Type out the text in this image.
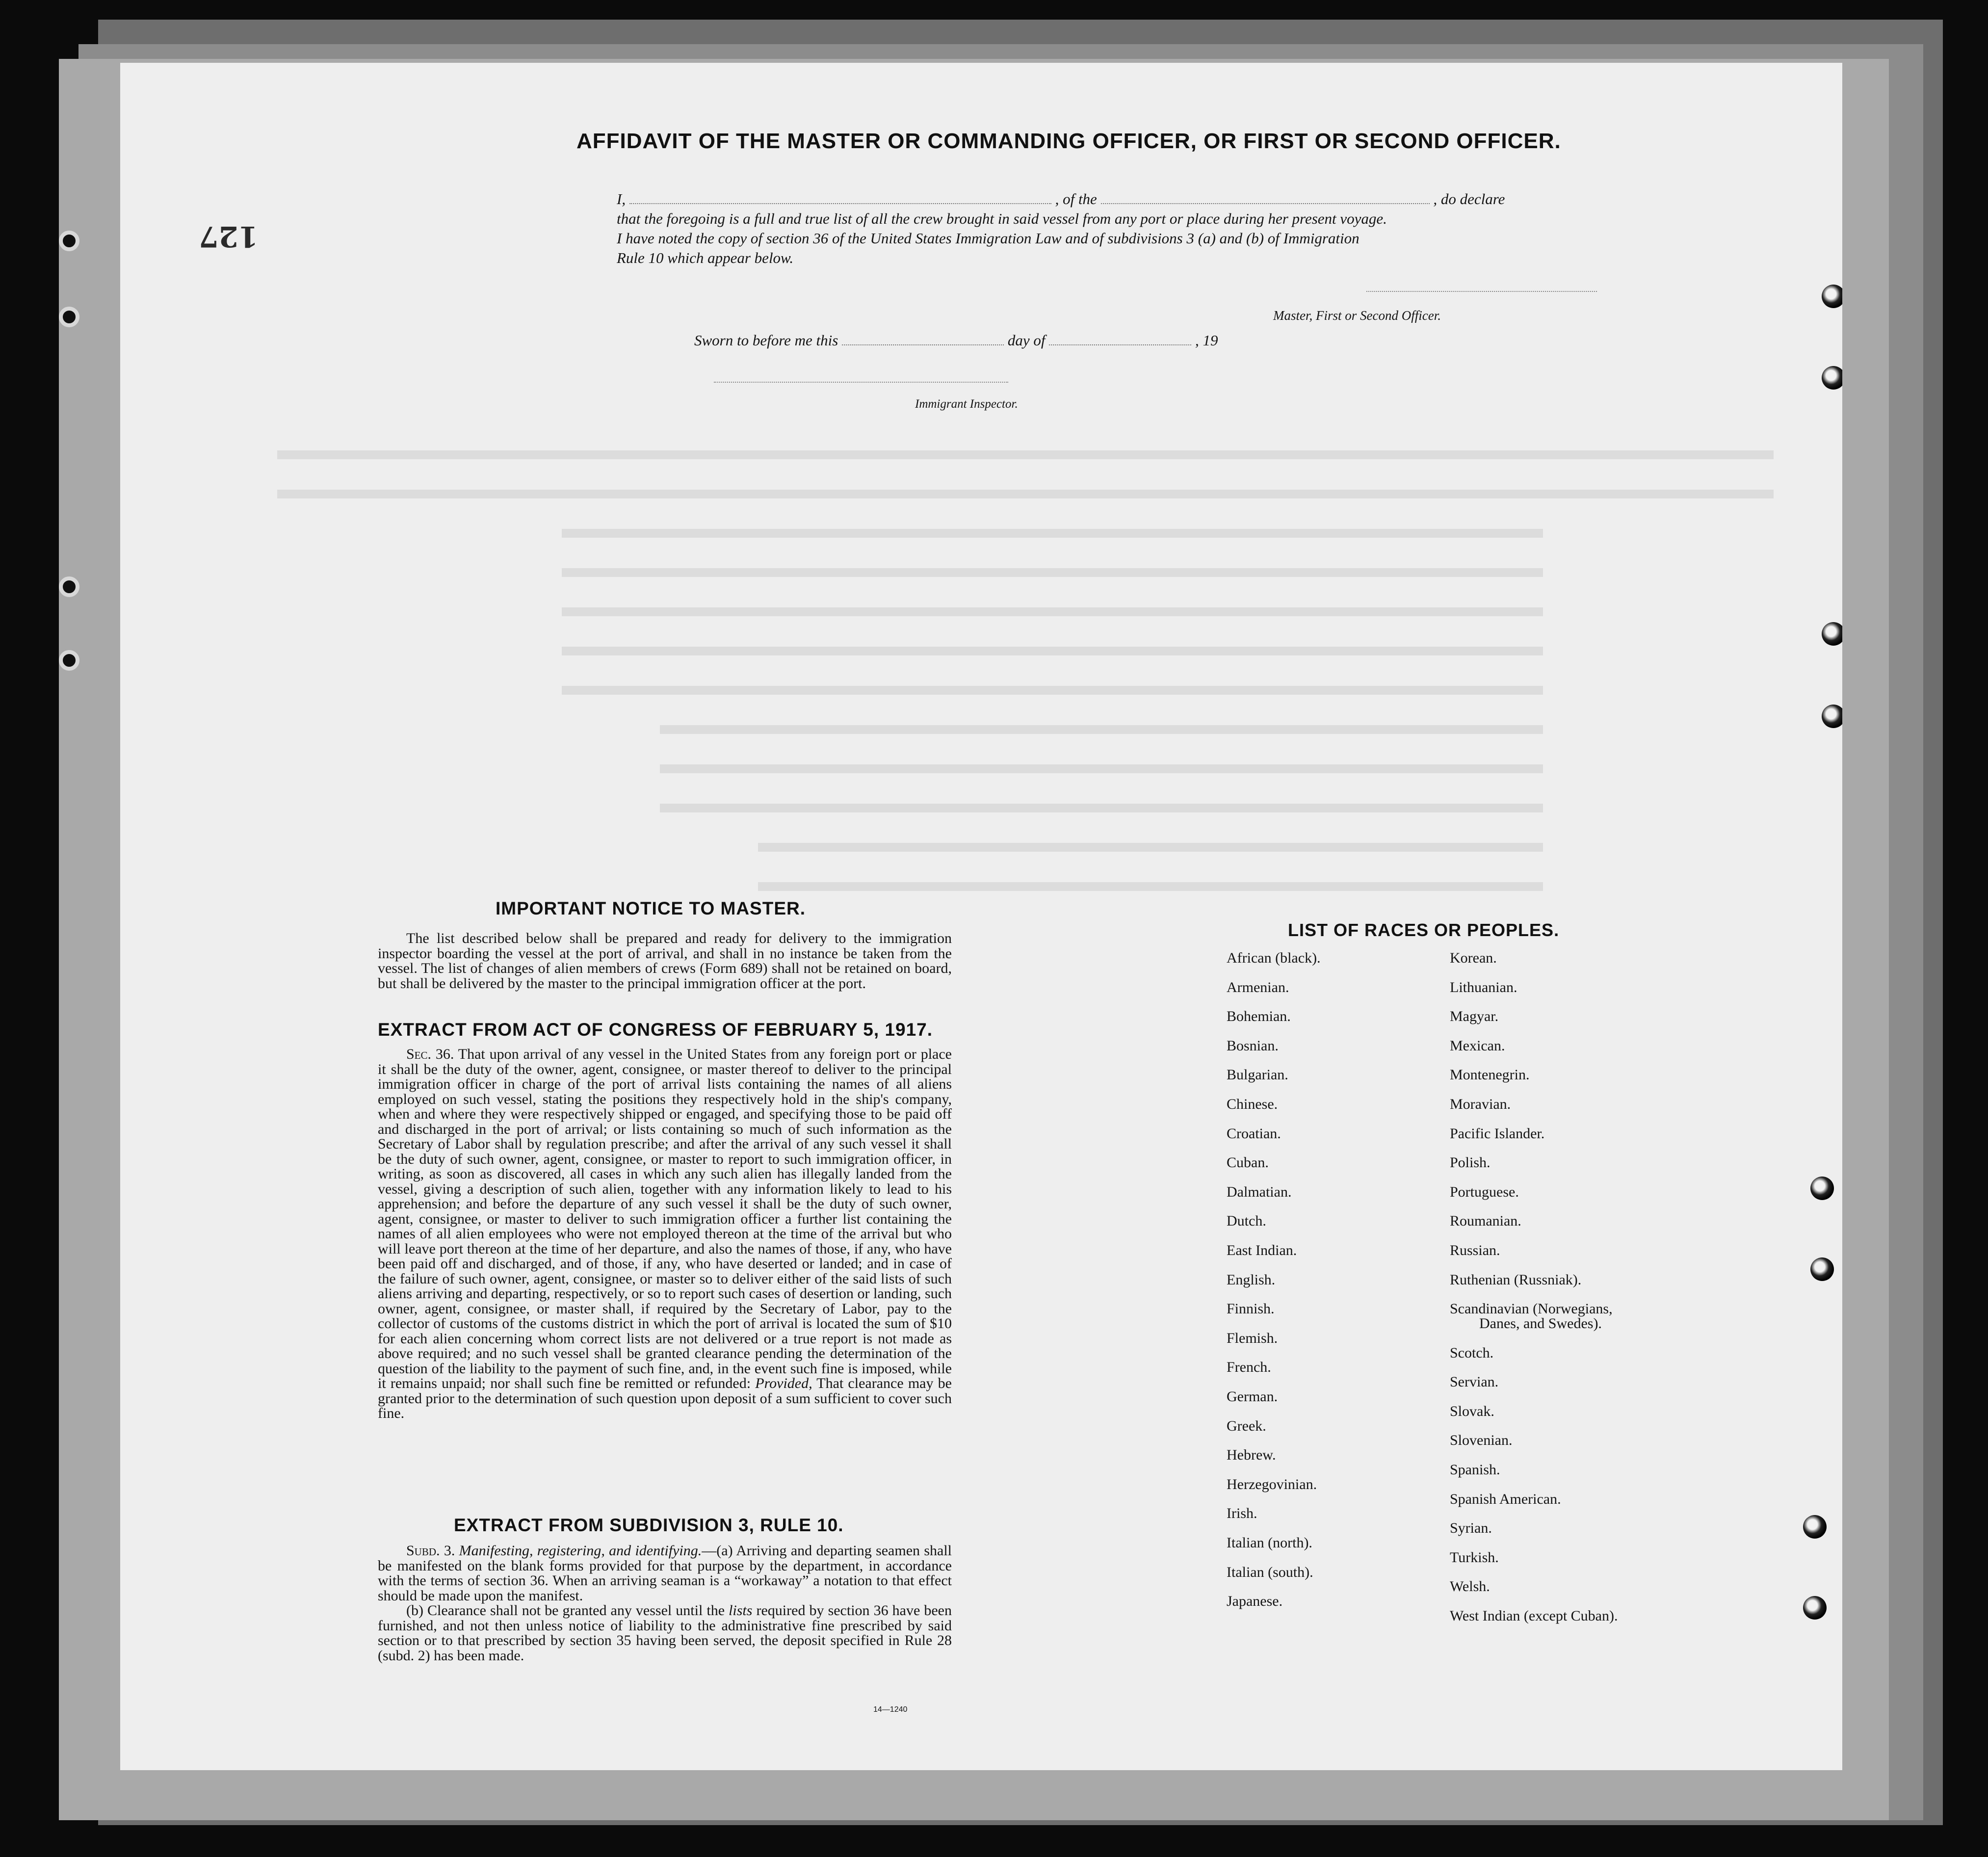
127
AFFIDAVIT OF THE MASTER OR COMMANDING OFFICER, OR FIRST OR SECOND OFFICER.
I,	, of the	, do declare
that the foregoing is a full and true list of all the crew brought in said vessel from any port or place during her present voyage.
I have noted the copy of section 36 of the United States Immigration Law and of subdivisions 3 (a) and (b) of Immigration
Rule 10 which appear below.
Master, First or Second Officer.
Sworn to before me this	day of	, 19
Immigrant Inspector.
IMPORTANT NOTICE TO MASTER.

The list described below shall be prepared and ready for delivery to the immigration inspector boarding the vessel at the port of arrival, and shall in no instance be taken from the vessel. The list of changes of alien members of crews (Form 689) shall not be retained on board, but shall be delivered by the master to the principal immigration officer at the port.

EXTRACT FROM ACT OF CONGRESS OF FEBRUARY 5, 1917.

Sec. 36. That upon arrival of any vessel in the United States from any foreign port or place it shall be the duty of the owner, agent, consignee, or master thereof to deliver to the principal immigration officer in charge of the port of arrival lists containing the names of all aliens employed on such vessel, stating the positions they respectively hold in the ship's company, when and where they were respectively shipped or engaged, and specifying those to be paid off and discharged in the port of arrival; or lists containing so much of such information as the Secretary of Labor shall by regulation prescribe; and after the arrival of any such vessel it shall be the duty of such owner, agent, consignee, or master to report to such immigration officer, in writing, as soon as discovered, all cases in which any such alien has illegally landed from the vessel, giving a description of such alien, together with any information likely to lead to his apprehension; and before the departure of any such vessel it shall be the duty of such owner, agent, consignee, or master to deliver to such immigration officer a further list containing the names of all alien employees who were not employed thereon at the time of the arrival but who will leave port thereon at the time of her departure, and also the names of those, if any, who have been paid off and discharged, and of those, if any, who have deserted or landed; and in case of the failure of such owner, agent, consignee, or master so to deliver either of the said lists of such aliens arriving and departing, respectively, or so to report such cases of desertion or landing, such owner, agent, consignee, or master shall, if required by the Secretary of Labor, pay to the collector of customs of the customs district in which the port of arrival is located the sum of $10 for each alien concerning whom correct lists are not delivered or a true report is not made as above required; and no such vessel shall be granted clearance pending the determination of the question of the liability to the payment of such fine, and, in the event such fine is imposed, while it remains unpaid; nor shall such fine be remitted or refunded: Provided, That clearance may be granted prior to the determination of such question upon deposit of a sum sufficient to cover such fine.

EXTRACT FROM SUBDIVISION 3, RULE 10.

Subd. 3. Manifesting, registering, and identifying.—(a) Arriving and departing seamen shall be manifested on the blank forms provided for that purpose by the department, in accordance with the terms of section 36. When an arriving seaman is a “workaway” a notation to that effect should be made upon the manifest.

(b) Clearance shall not be granted any vessel until the lists required by section 36 have been furnished, and not then unless notice of liability to the administrative fine prescribed by said section or to that prescribed by section 35 having been served, the deposit specified in Rule 28 (subd. 2) has been made.

14—1240
LIST OF RACES OR PEOPLES.
African (black).
Armenian.
Bohemian.
Bosnian.
Bulgarian.
Chinese.
Croatian.
Cuban.
Dalmatian.
Dutch.
East Indian.
English.
Finnish.
Flemish.
French.
German.
Greek.
Hebrew.
Herzegovinian.
Irish.
Italian (north).
Italian (south).
Japanese.
Korean.
Lithuanian.
Magyar.
Mexican.
Montenegrin.
Moravian.
Pacific Islander.
Polish.
Portuguese.
Roumanian.
Russian.
Ruthenian (Russniak).
Scandinavian (Norwegians,
Danes, and Swedes).
Scotch.
Servian.
Slovak.
Slovenian.
Spanish.
Spanish American.
Syrian.
Turkish.
Welsh.
West Indian (except Cuban).
